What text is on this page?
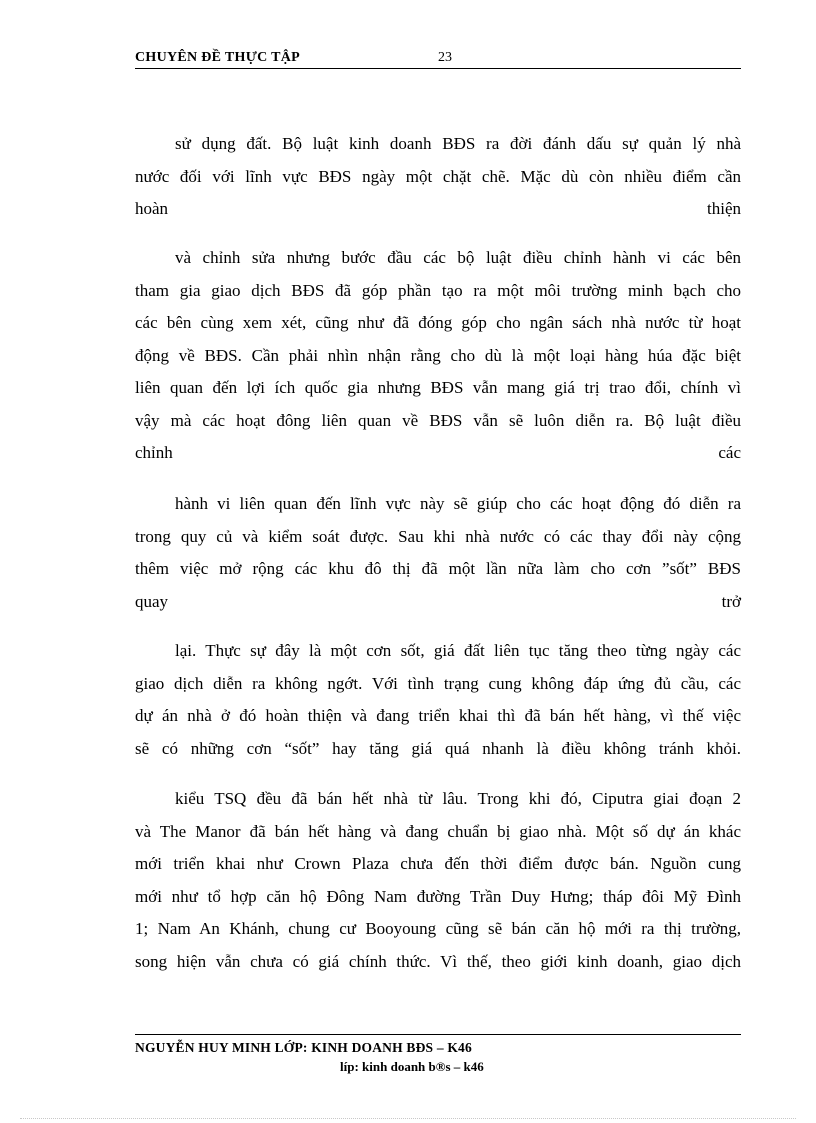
CHUYÊN ĐỀ THỰC TẬP	23
sử dụng đất. Bộ luật kinh doanh BĐS ra đời đánh dấu sự quản lý nhà
nước đối với lĩnh vực BĐS ngày một chặt chẽ. Mặc dù còn nhiều điểm cần
hoàn thiện
và chỉnh sửa nhưng bước đầu các bộ luật điều chỉnh hành vi các bên
tham gia giao dịch BĐS đã góp phần tạo ra một môi trường minh bạch cho
các bên cùng xem xét, cũng như đã đóng góp cho ngân sách nhà nước từ hoạt
động về BĐS. Cần phải nhìn nhận rằng cho dù là một loại hàng húa đặc biệt
liên quan đến lợi ích quốc gia nhưng BĐS vẫn mang giá trị trao đổi, chính vì
vậy mà các hoạt đông liên quan về BĐS vẫn sẽ luôn diễn ra. Bộ luật điều
chỉnh các
hành vi liên quan đến lĩnh vực này sẽ giúp cho các hoạt động đó diễn ra
trong quy củ và kiểm soát được. Sau khi nhà nước có các thay đổi này cộng
thêm việc mở rộng các khu đô thị đã một lần nữa làm cho cơn ”sốt” BĐS
quay trở
lại. Thực sự đây là một cơn sốt, giá đất liên tục tăng theo từng ngày các
giao dịch diễn ra không ngớt. Với tình trạng cung không đáp ứng đủ cầu, các
dự án nhà ở đó hoàn thiện và đang triển khai thì đã bán hết hàng, vì thế việc
sẽ có những cơn “sốt” hay tăng giá quá nhanh là điều không tránh khỏi.
kiểu TSQ đều đã bán hết nhà từ lâu. Trong khi đó, Ciputra giai đoạn 2
và The Manor đã bán hết hàng và đang chuẩn bị giao nhà. Một số dự án khác
mới triển khai như Crown Plaza chưa đến thời điểm được bán. Nguồn cung
mới như tổ hợp căn hộ Đông Nam đường Trần Duy Hưng; tháp đôi Mỹ Đình
1; Nam An Khánh, chung cư Booyoung cũng sẽ bán căn hộ mới ra thị trường,
song hiện vẫn chưa có giá chính thức. Vì thế, theo giới kinh doanh, giao dịch
NGUYỄN HUY MINH LỚP: KINH DOANH BĐS – K46
líp: kinh doanh b®s – k46
